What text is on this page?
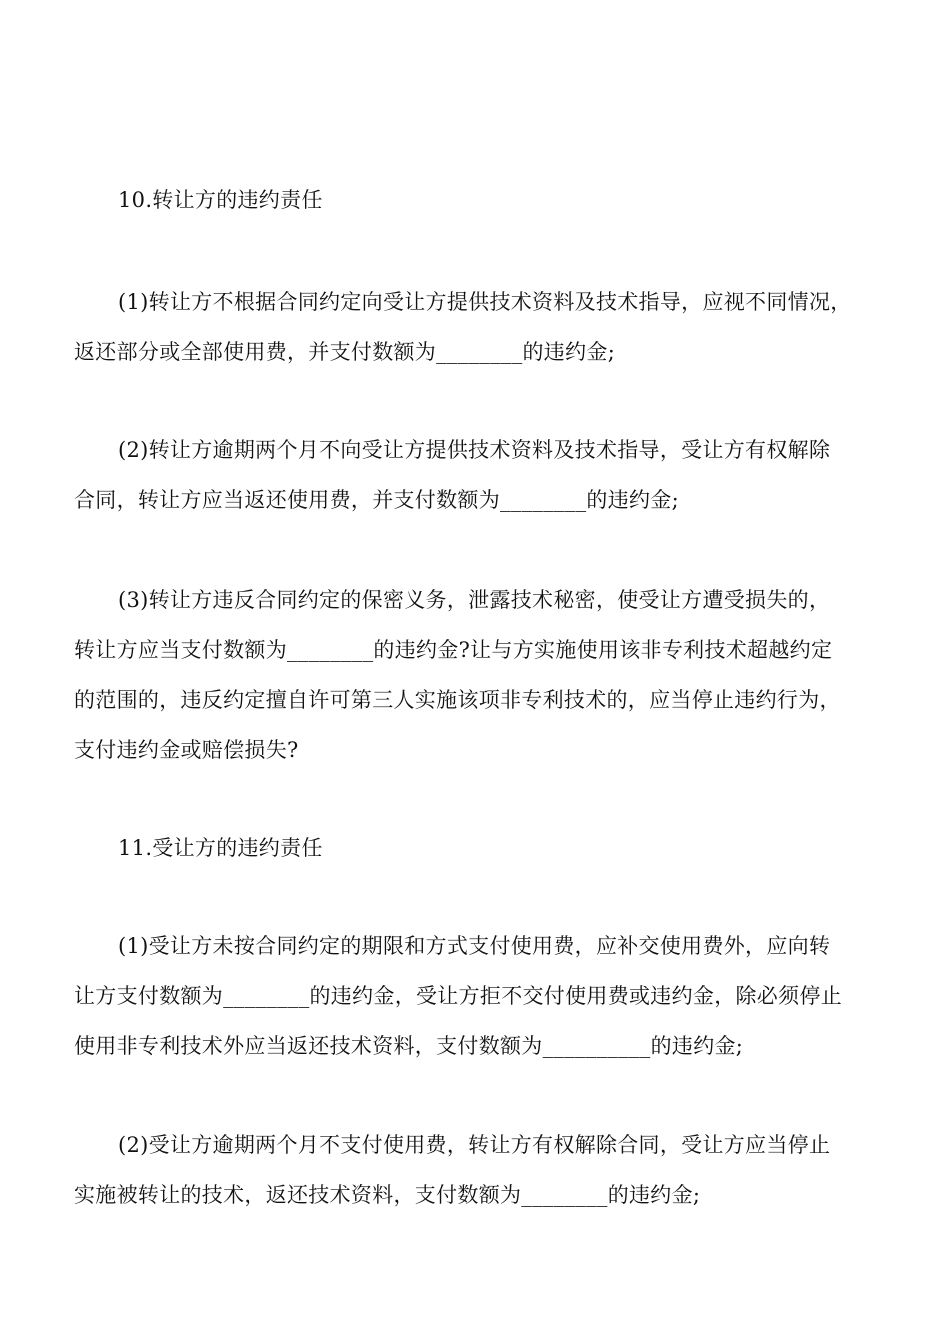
10.转让方的违约责任

(1)转让方不根据合同约定向受让方提供技术资料及技术指导，应视不同情况，
返还部分或全部使用费，并支付数额为________的违约金;
(2)转让方逾期两个月不向受让方提供技术资料及技术指导，受让方有权解除
合同，转让方应当返还使用费，并支付数额为________的违约金;
(3)转让方违反合同约定的保密义务，泄露技术秘密，使受让方遭受损失的，
转让方应当支付数额为________的违约金?让与方实施使用该非专利技术超越约定
的范围的，违反约定擅自许可第三人实施该项非专利技术的，应当停止违约行为，
支付违约金或赔偿损失?

11.受让方的违约责任

(1)受让方未按合同约定的期限和方式支付使用费，应补交使用费外，应向转
让方支付数额为________的违约金，受让方拒不交付使用费或违约金，除必须停止
使用非专利技术外应当返还技术资料，支付数额为__________的违约金;
(2)受让方逾期两个月不支付使用费，转让方有权解除合同，受让方应当停止
实施被转让的技术，返还技术资料，支付数额为________的违约金;
